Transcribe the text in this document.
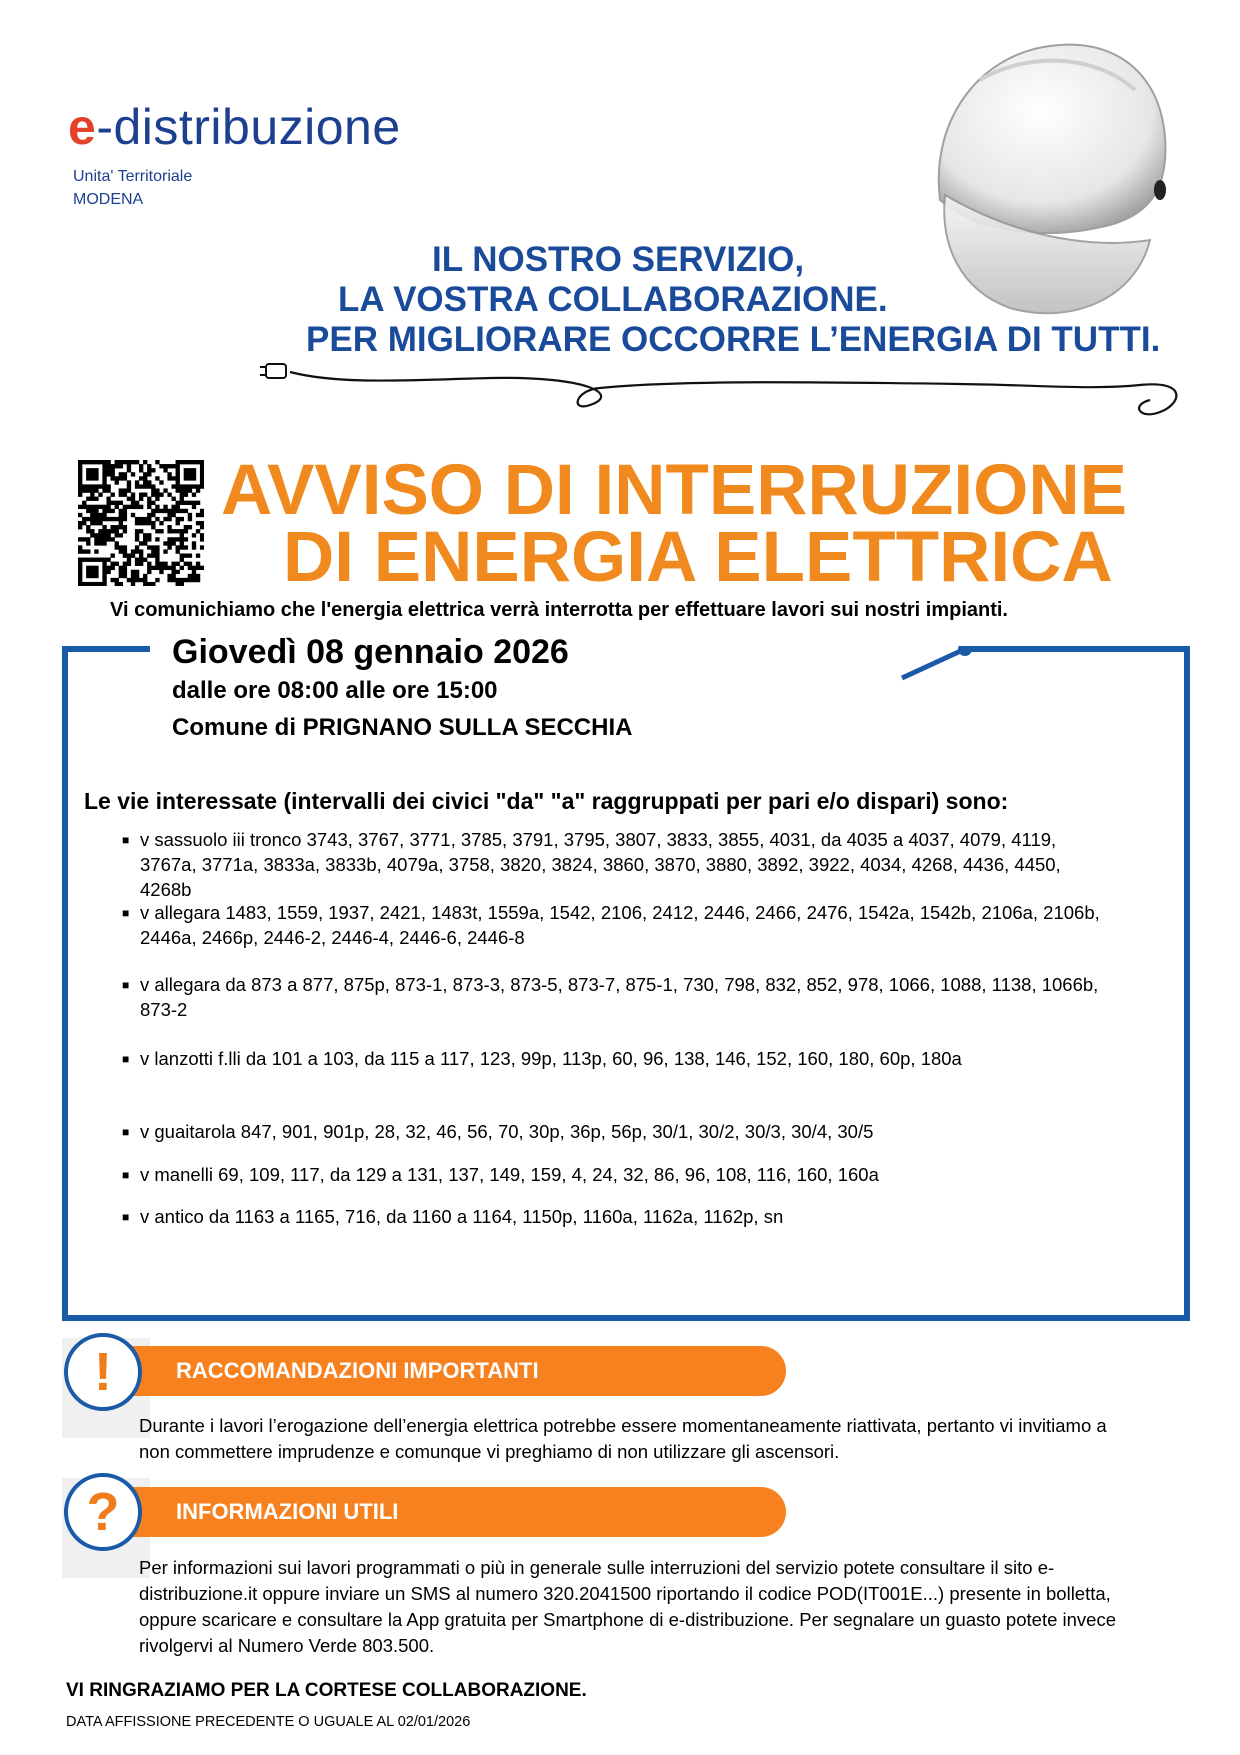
e-distribuzione
Unita' Territoriale
MODENA
IL NOSTRO SERVIZIO,
LA VOSTRA COLLABORAZIONE.
PER MIGLIORARE OCCORRE L’ENERGIA DI TUTTI.
AVVISO DI INTERRUZIONE
DI ENERGIA ELETTRICA
Vi comunichiamo che l'energia elettrica verrà interrotta per effettuare lavori sui nostri impianti.
Giovedì 08 gennaio 2026
dalle ore 08:00 alle ore 15:00
Comune di PRIGNANO SULLA SECCHIA
Le vie interessate (intervalli dei civici "da" "a" raggruppati per pari e/o dispari) sono:
■ v sassuolo iii tronco 3743, 3767, 3771, 3785, 3791, 3795, 3807, 3833, 3855, 4031, da 4035 a 4037, 4079, 4119, 3767a, 3771a, 3833a, 3833b, 4079a, 3758, 3820, 3824, 3860, 3870, 3880, 3892, 3922, 4034, 4268, 4436, 4450, 4268b
■ v allegara 1483, 1559, 1937, 2421, 1483t, 1559a, 1542, 2106, 2412, 2446, 2466, 2476, 1542a, 1542b, 2106a, 2106b, 2446a, 2466p, 2446-2, 2446-4, 2446-6, 2446-8
■ v allegara da 873 a 877, 875p, 873-1, 873-3, 873-5, 873-7, 875-1, 730, 798, 832, 852, 978, 1066, 1088, 1138, 1066b, 873-2
■ v lanzotti f.lli da 101 a 103, da 115 a 117, 123, 99p, 113p, 60, 96, 138, 146, 152, 160, 180, 60p, 180a
■ v guaitarola 847, 901, 901p, 28, 32, 46, 56, 70, 30p, 36p, 56p, 30/1, 30/2, 30/3, 30/4, 30/5
■ v manelli 69, 109, 117, da 129 a 131, 137, 149, 159, 4, 24, 32, 86, 96, 108, 116, 160, 160a
■ v antico da 1163 a 1165, 716, da 1160 a 1164, 1150p, 1160a, 1162a, 1162p, sn
RACCOMANDAZIONI IMPORTANTI
!
Durante i lavori l’erogazione dell’energia elettrica potrebbe essere momentaneamente riattivata, pertanto vi invitiamo a non commettere imprudenze e comunque vi preghiamo di non utilizzare gli ascensori.
INFORMAZIONI UTILI
?
Per informazioni sui lavori programmati o più in generale sulle interruzioni del servizio potete consultare il sito e-distribuzione.it oppure inviare un SMS al numero 320.2041500 riportando il codice POD(IT001E...) presente in bolletta, oppure scaricare e consultare la App gratuita per Smartphone di e-distribuzione. Per segnalare un guasto potete invece rivolgervi al Numero Verde 803.500.
VI RINGRAZIAMO PER LA CORTESE COLLABORAZIONE.
DATA AFFISSIONE PRECEDENTE O UGUALE AL 02/01/2026
